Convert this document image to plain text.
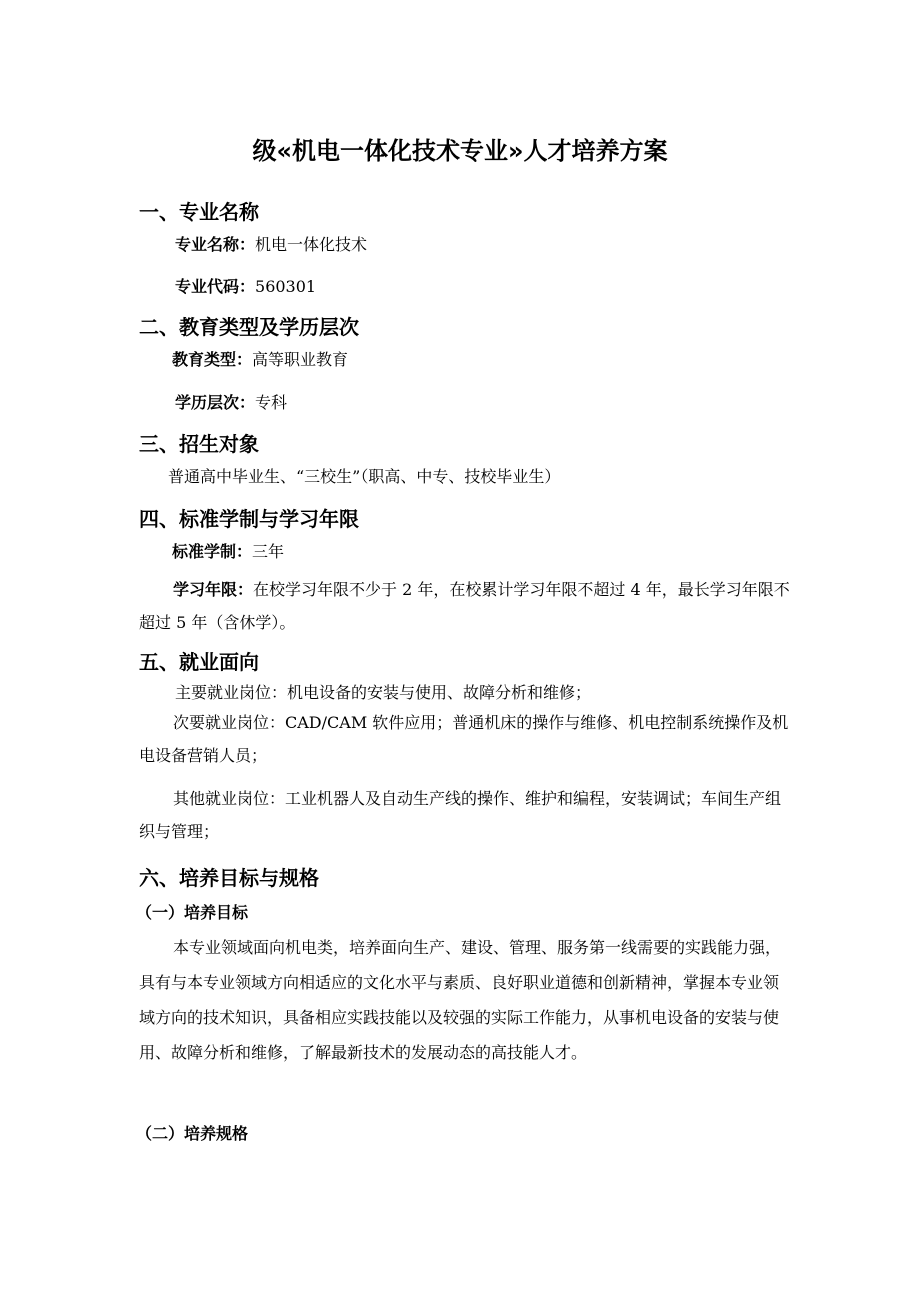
级«机电一体化技术专业»人才培养方案
一、专业名称
专业名称：机电一体化技术
专业代码：560301
二、教育类型及学历层次
教育类型：高等职业教育
学历层次：专科
三、招生对象
普通高中毕业生、“三校生”（职高、中专、技校毕业生）
四、标准学制与学习年限
标准学制：三年

学习年限：在校学习年限不少于 2 年，在校累计学习年限不超过 4 年，最长学习年限不超过 5 年（含休学）。

五、就业面向
主要就业岗位：机电设备的安装与使用、故障分析和维修；

次要就业岗位：CAD/CAM 软件应用；普通机床的操作与维修、机电控制系统操作及机电设备营销人员；

其他就业岗位：工业机器人及自动生产线的操作、维护和编程，安装调试；车间生产组织与管理；

六、培养目标与规格
（一）培养目标

本专业领域面向机电类，培养面向生产、建设、管理、服务第一线需要的实践能力强，具有与本专业领域方向相适应的文化水平与素质、良好职业道德和创新精神，掌握本专业领域方向的技术知识，具备相应实践技能以及较强的实际工作能力，从事机电设备的安装与使用、故障分析和维修，了解最新技术的发展动态的高技能人才。

（二）培养规格
